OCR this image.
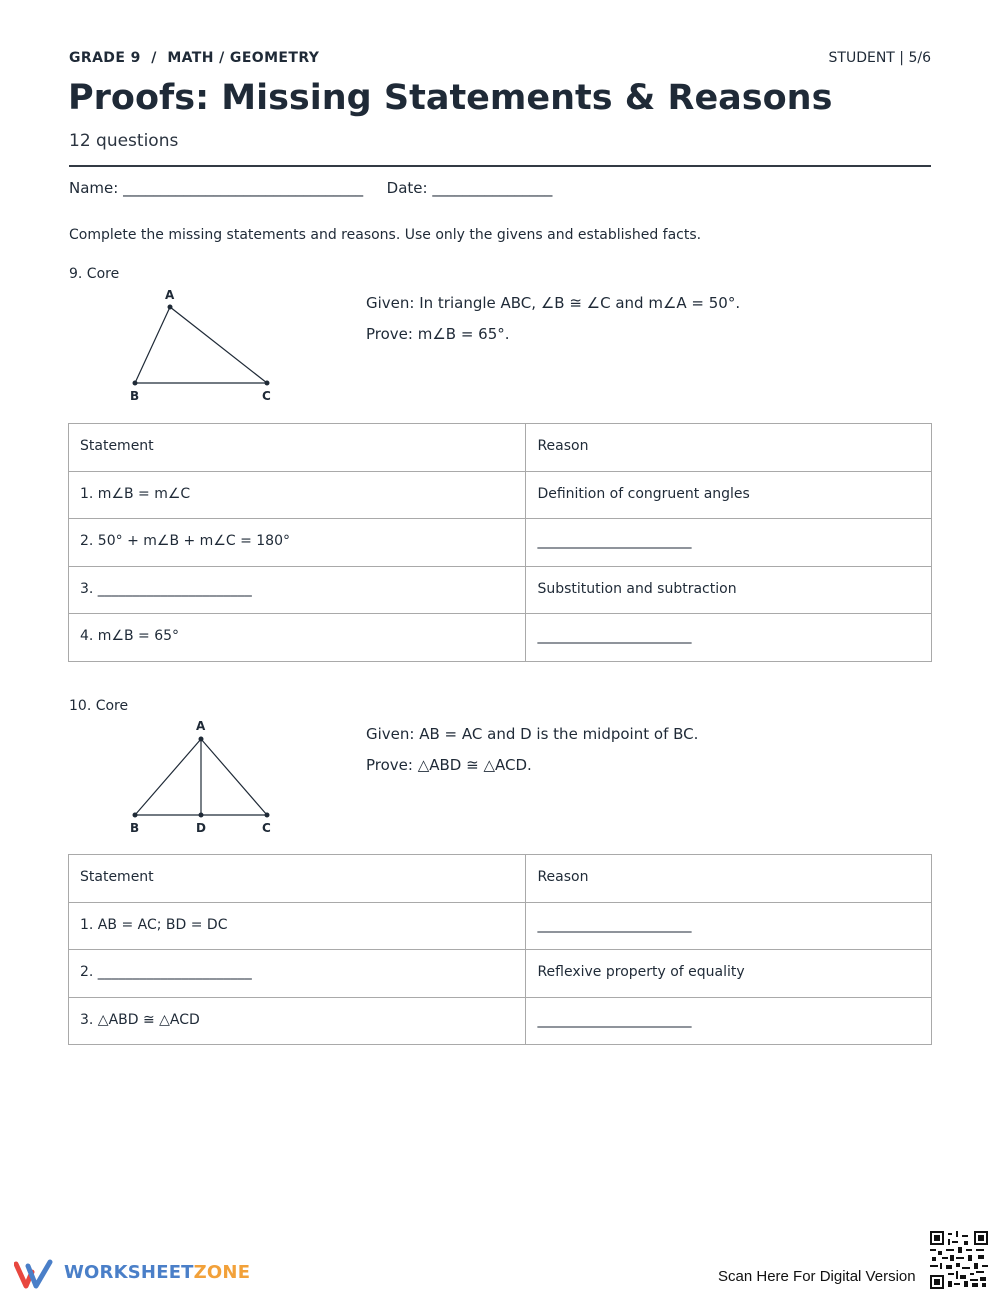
GRADE 9  /  MATH / GEOMETRY	STUDENT | 5/6
Proofs: Missing Statements & Reasons
12 questions
Name: ________________________________ Date: ________________
Complete the missing statements and reasons. Use only the givens and established facts.
9. Core
A
B	C
Given: In triangle ABC, ∠B ≅ ∠C and m∠A = 50°.
Prove: m∠B = 65°.
Statement	Reason
1. m∠B = m∠C	Definition of congruent angles
2. 50° + m∠B + m∠C = 180°	______________________
3. ______________________	Substitution and subtraction
4. m∠B = 65°	______________________
10. Core
A
B	D	C
Given: AB = AC and D is the midpoint of BC.
Prove: △ABD ≅ △ACD.
Statement	Reason
1. AB = AC; BD = DC	______________________
2. ______________________	Reflexive property of equality
3. △ABD ≅ △ACD	______________________
WORKSHEETZONE	Scan Here For Digital Version
